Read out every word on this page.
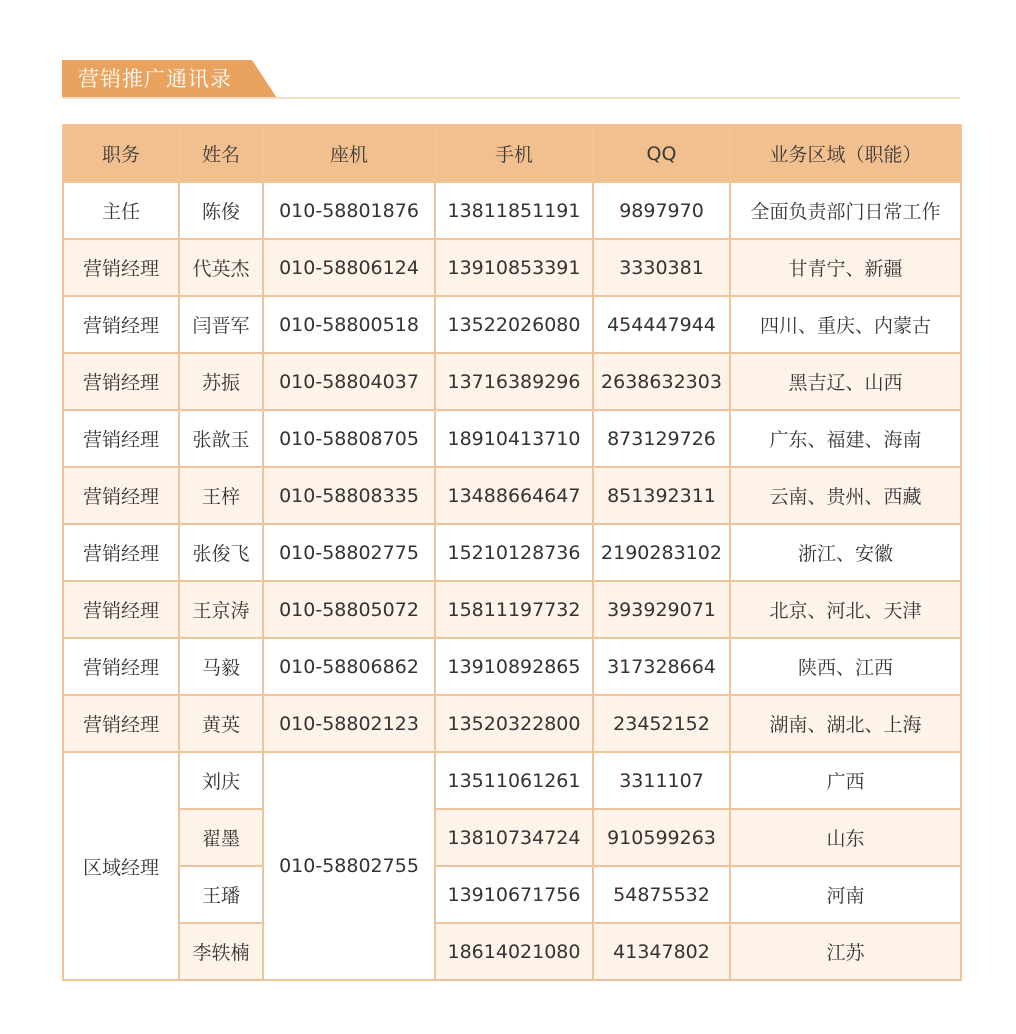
营销推广通讯录
职务	姓名	座机	手机	QQ	业务区域（职能）
主任	陈俊	010-58801876	13811851191	9897970	全面负责部门日常工作
营销经理	代英杰	010-58806124	13910853391	3330381	甘青宁、新疆
营销经理	闫晋军	010-58800518	13522026080	454447944	四川、重庆、内蒙古
营销经理	苏振	010-58804037	13716389296	2638632303	黑吉辽、山西
营销经理	张歆玉	010-58808705	18910413710	873129726	广东、福建、海南
营销经理	王梓	010-58808335	13488664647	851392311	云南、贵州、西藏
营销经理	张俊飞	010-58802775	15210128736	2190283102	浙江、安徽
营销经理	王京涛	010-58805072	15811197732	393929071	北京、河北、天津
营销经理	马毅	010-58806862	13910892865	317328664	陕西、江西
营销经理	黄英	010-58802123	13520322800	23452152	湖南、湖北、上海
区域经理	刘庆	010-58802755	13511061261	3311107	广西
	翟墨		13810734724	910599263	山东
	王璠		13910671756	54875532	河南
	李轶楠		18614021080	41347802	江苏
